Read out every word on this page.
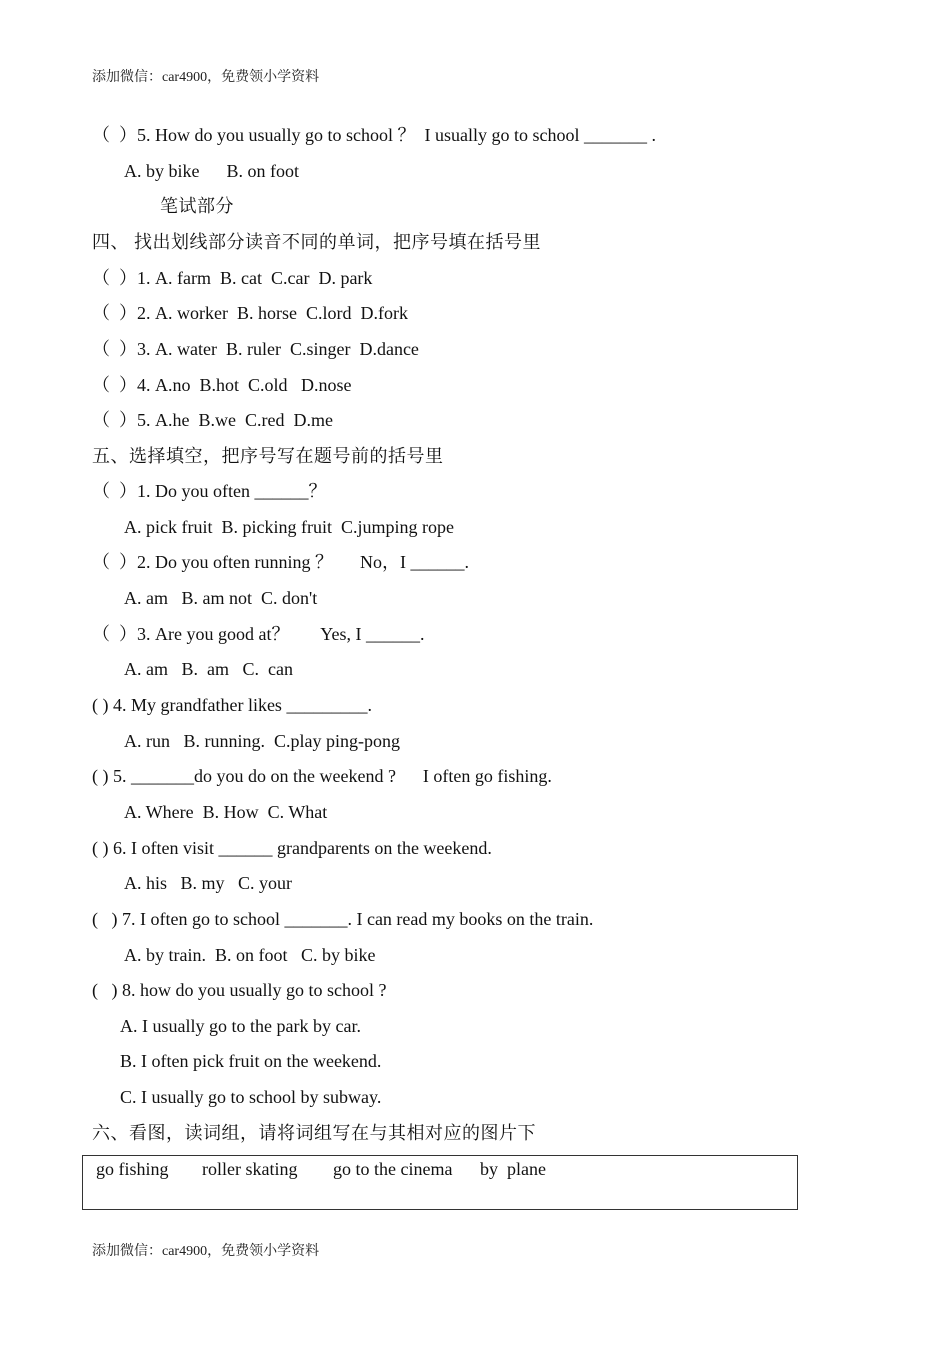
添加微信：car4900，免费领小学资料
（  ）5. How do you usually go to school ？  I usually go to school _______ .
A. by bike      B. on foot
笔试部分
四、 找出划线部分读音不同的单词，把序号填在括号里
（  ）1. A. farm  B. cat  C.car  D. park
（  ）2. A. worker  B. horse  C.lord  D.fork
（  ）3. A. water  B. ruler  C.singer  D.dance
（  ）4. A.no  B.hot  C.old   D.nose
（  ）5. A.he  B.we  C.red  D.me
五、选择填空，把序号写在题号前的括号里
（  ）1. Do you often ______？
A. pick fruit  B. picking fruit  C.jumping rope
（  ）2. Do you often running ？      No，I ______.
A. am   B. am not  C. don't
（  ）3. Are you good at？       Yes, I ______.
A. am   B.  am   C.  can
( ) 4. My grandfather likes _________.
A. run   B. running.  C.play ping-pong
( ) 5. _______do you do on the weekend ?      I often go fishing.
A. Where  B. How  C. What
( ) 6. I often visit ______ grandparents on the weekend.
A. his   B. my   C. your
(   ) 7. I often go to school _______. I can read my books on the train.
A. by train.  B. on foot   C. by bike
(   ) 8. how do you usually go to school ?
A. I usually go to the park by car.
B. I often pick fruit on the weekend.
C. I usually go to school by subway.
六、看图，读词组，请将词组写在与其相对应的图片下
go fishing roller skating go to the cinema by  plane
添加微信：car4900，免费领小学资料
